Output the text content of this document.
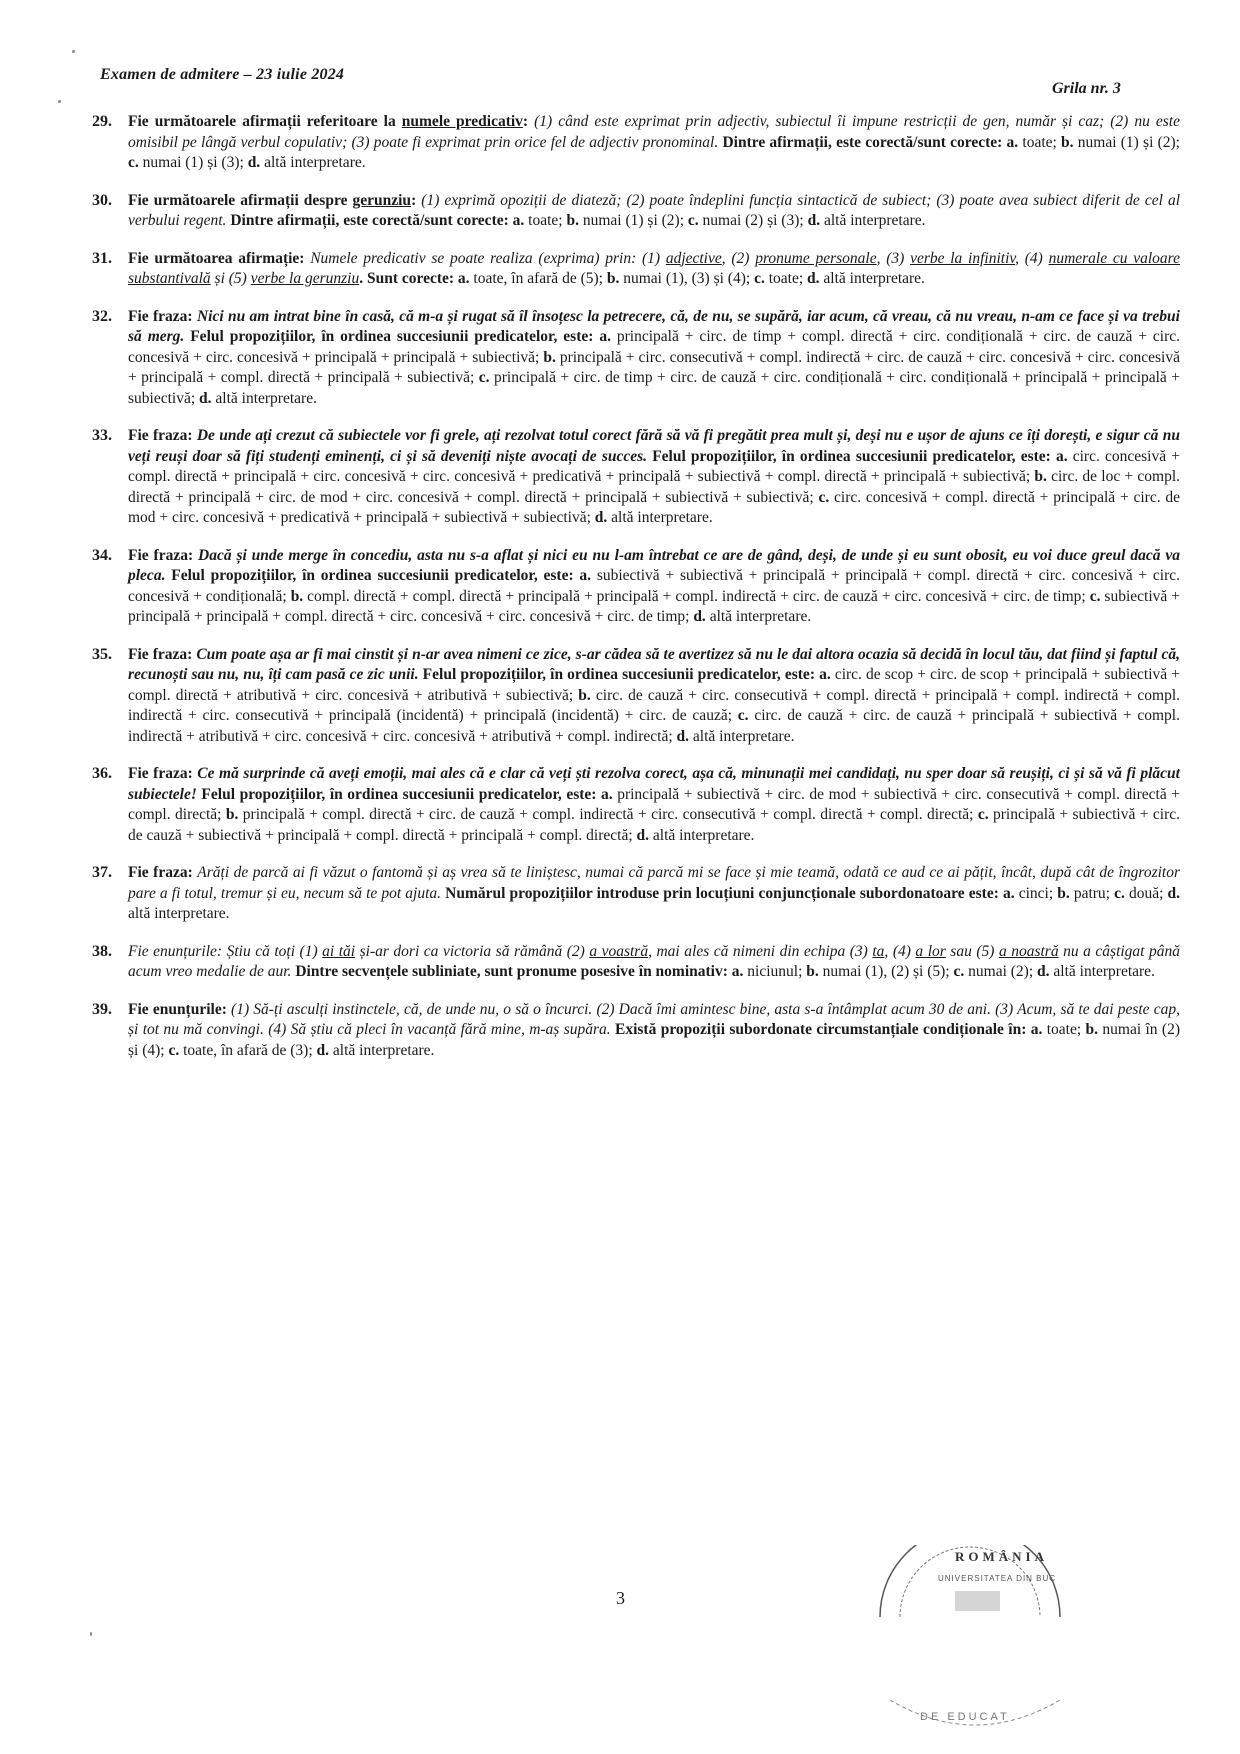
Examen de admitere – 23 iulie 2024
Grila nr. 3
29. Fie următoarele afirmații referitoare la numele predicativ: (1) când este exprimat prin adjectiv, subiectul îi impune restricții de gen, număr și caz; (2) nu este omisibil pe lângă verbul copulativ; (3) poate fi exprimat prin orice fel de adjectiv pronominal. Dintre afirmații, este corectă/sunt corecte: a. toate; b. numai (1) și (2); c. numai (1) și (3); d. altă interpretare.
30. Fie următoarele afirmații despre gerunziu: (1) exprimă opoziții de diateză; (2) poate îndeplini funcția sintactică de subiect; (3) poate avea subiect diferit de cel al verbului regent. Dintre afirmații, este corectă/sunt corecte: a. toate; b. numai (1) și (2); c. numai (2) și (3); d. altă interpretare.
31. Fie următoarea afirmație: Numele predicativ se poate realiza (exprima) prin: (1) adjective, (2) pronume personale, (3) verbe la infinitiv, (4) numerale cu valoare substantivală și (5) verbe la gerunziu. Sunt corecte: a. toate, în afară de (5); b. numai (1), (3) și (4); c. toate; d. altă interpretare.
32. Fie fraza: Nici nu am intrat bine în casă, că m-a și rugat să îl însoțesc la petrecere, că, de nu, se supără, iar acum, că vreau, că nu vreau, n-am ce face și va trebui să merg. Felul propozițiilor, în ordinea succesiunii predicatelor, este: a. principală + circ. de timp + compl. directă + circ. condițională + circ. de cauză + circ. concesivă + circ. concesivă + principală + principală + subiectivă; b. principală + circ. consecutivă + compl. indirectă + circ. de cauză + circ. concesivă + circ. concesivă + principală + compl. directă + principală + subiectivă; c. principală + circ. de timp + circ. de cauză + circ. condițională + circ. condițională + principală + principală + subiectivă; d. altă interpretare.
33. Fie fraza: De unde ați crezut că subiectele vor fi grele, ați rezolvat totul corect fără să vă fi pregătit prea mult și, deși nu e ușor de ajuns ce îți dorești, e sigur că nu veți reuși doar să fiți studenți eminenți, ci și să deveniți niște avocați de succes. Felul propozițiilor, în ordinea succesiunii predicatelor, este: a. circ. concesivă + compl. directă + principală + circ. concesivă + circ. concesivă + predicativă + principală + subiectivă + compl. directă + principală + subiectivă; b. circ. de loc + compl. directă + principală + circ. de mod + circ. concesivă + compl. directă + principală + subiectivă + subiectivă; c. circ. concesivă + compl. directă + principală + circ. de mod + circ. concesivă + predicativă + principală + subiectivă + subiectivă; d. altă interpretare.
34. Fie fraza: Dacă și unde merge în concediu, asta nu s-a aflat și nici eu nu l-am întrebat ce are de gând, deși, de unde și eu sunt obosit, eu voi duce greul dacă va pleca. Felul propozițiilor, în ordinea succesiunii predicatelor, este: a. subiectivă + subiectivă + principală + principală + compl. directă + circ. concesivă + circ. concesivă + condițională; b. compl. directă + compl. directă + principală + principală + compl. indirectă + circ. de cauză + circ. concesivă + circ. de timp; c. subiectivă + principală + principală + compl. directă + circ. concesivă + circ. concesivă + circ. de timp; d. altă interpretare.
35. Fie fraza: Cum poate așa ar fi mai cinstit și n-ar avea nimeni ce zice, s-ar cădea să te avertizez să nu le dai altora ocazia să decidă în locul tău, dat fiind și faptul că, recunoști sau nu, nu, îți cam pasă ce zic unii. Felul propozițiilor, în ordinea succesiunii predicatelor, este: a. circ. de scop + circ. de scop + principală + subiectivă + compl. directă + atributivă + circ. concesivă + atributivă + subiectivă; b. circ. de cauză + circ. consecutivă + compl. directă + principală + compl. indirectă + compl. indirectă + circ. consecutivă + principală (incidentă) + principală (incidentă) + circ. de cauză; c. circ. de cauză + circ. de cauză + principală + subiectivă + compl. indirectă + atributivă + circ. concesivă + circ. concesivă + atributivă + compl. indirectă; d. altă interpretare.
36. Fie fraza: Ce mă surprinde că aveți emoții, mai ales că e clar că veți ști rezolva corect, așa că, minunații mei candidați, nu sper doar să reușiți, ci și să vă fi plăcut subiectele! Felul propozițiilor, în ordinea succesiunii predicatelor, este: a. principală + subiectivă + circ. de mod + subiectivă + circ. consecutivă + compl. directă + compl. directă; b. principală + compl. directă + circ. de cauză + compl. indirectă + circ. consecutivă + compl. directă + compl. directă; c. principală + subiectivă + circ. de cauză + subiectivă + principală + compl. directă + principală + compl. directă; d. altă interpretare.
37. Fie fraza: Arăți de parcă ai fi văzut o fantomă și aș vrea să te liniștesc, numai că parcă mi se face și mie teamă, odată ce aud ce ai pățit, încât, după cât de îngrozitor pare a fi totul, tremur și eu, necum să te pot ajuta. Numărul propozițiilor introduse prin locuțiuni conjuncționale subordonatoare este: a. cinci; b. patru; c. două; d. altă interpretare.
38. Fie enunțurile: Știu că toți (1) ai tăi și-ar dori ca victoria să rămână (2) a voastră, mai ales că nimeni din echipa (3) ta, (4) a lor sau (5) a noastră nu a câștigat până acum vreo medalie de aur. Dintre secvențele subliniate, sunt pronume posesive în nominativ: a. niciunul; b. numai (1), (2) și (5); c. numai (2); d. altă interpretare.
39. Fie enunțurile: (1) Să-ți asculți instinctele, că, de unde nu, o să o încurci. (2) Dacă îmi amintesc bine, asta s-a întâmplat acum 30 de ani. (3) Acum, să te dai peste cap, și tot nu mă convingi. (4) Să știu că pleci în vacanță fără mine, m-aș supăra. Există propoziții subordonate circumstanțiale condiționale în: a. toate; b. numai în (2) și (4); c. toate, în afară de (3); d. altă interpretare.
3
ROMÂNIA
UNIVERSITATEA DIN BUC
DE EDUCAT
